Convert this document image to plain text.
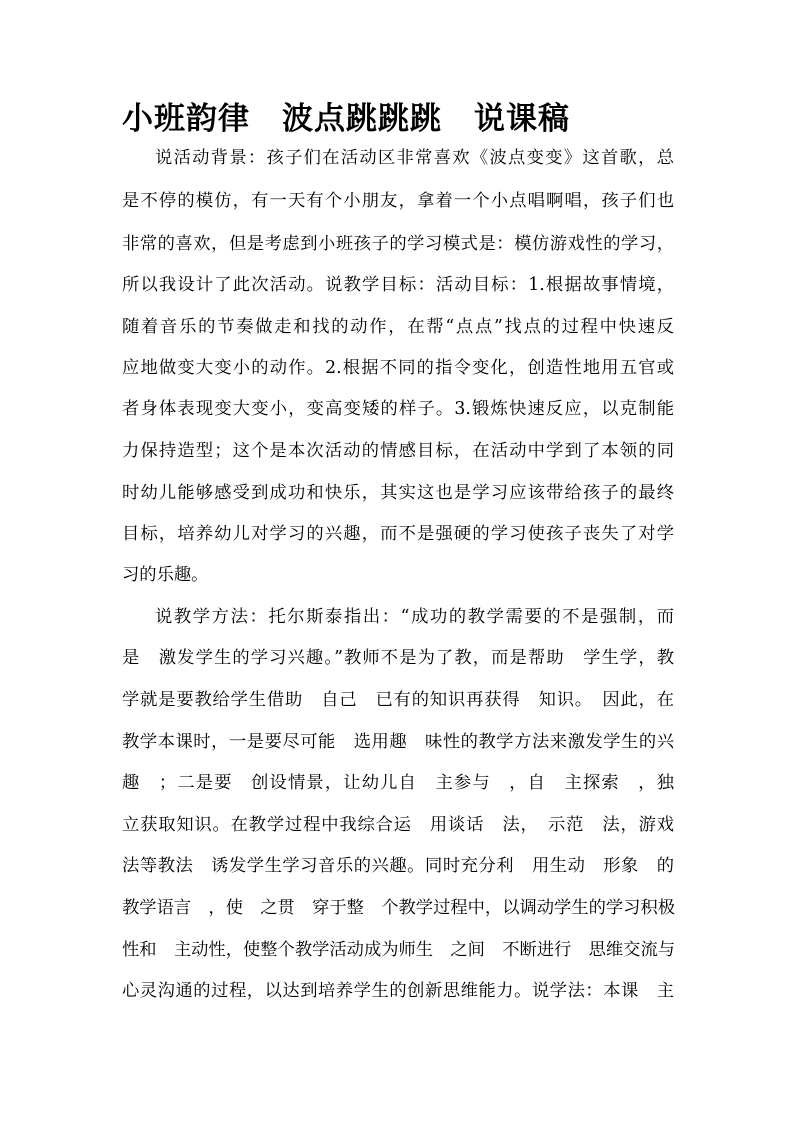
小班韵律　波点跳跳跳　说课稿

说活动背景：孩子们在活动区非常喜欢《波点变变》这首歌，总

是不停的模仿，有一天有个小朋友，拿着一个小点唱啊唱，孩子们也

非常的喜欢，但是考虑到小班孩子的学习模式是：模仿游戏性的学习，

所以我设计了此次活动。说教学目标：活动目标：1.根据故事情境，

随着音乐的节奏做走和找的动作，在帮“点点”找点的过程中快速反

应地做变大变小的动作。2.根据不同的指令变化，创造性地用五官或

者身体表现变大变小，变高变矮的样子。3.锻炼快速反应，以克制能

力保持造型；这个是本次活动的情感目标，在活动中学到了本领的同

时幼儿能够感受到成功和快乐，其实这也是学习应该带给孩子的最终

目标，培养幼儿对学习的兴趣，而不是强硬的学习使孩子丧失了对学

习的乐趣。

说教学方法：托尔斯泰指出：“成功的教学需要的不是强制，而

是　激发学生的学习兴趣。”教师不是为了教，而是帮助　学生学，教

学就是要教给学生借助　自己　已有的知识再获得　知识。　因此，在

教学本课时，一是要尽可能　选用趣　味性的教学方法来激发学生的兴

趣　；二是要　创设情景，让幼儿自　主参与　，自　主探索　，独

立获取知识。在教学过程中我综合运　用谈话　法，　示范　法，游戏

法等教法　诱发学生学习音乐的兴趣。同时充分利　用生动　形象　的

教学语言　，使　之贯　穿于整　个教学过程中，以调动学生的学习积极

性和　主动性，使整个教学活动成为师生　之间　不断进行　思维交流与

心灵沟通的过程，以达到培养学生的创新思维能力。说学法：本课　主
